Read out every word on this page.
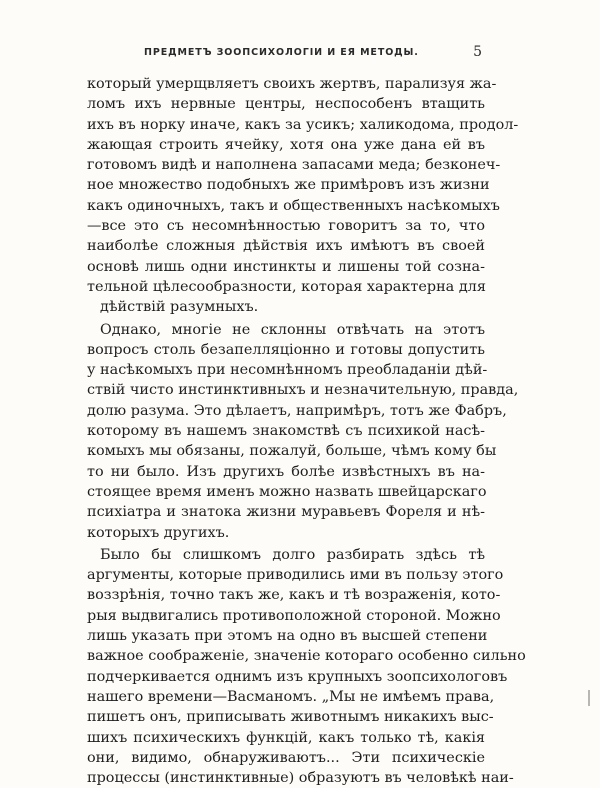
ПРЕДМЕТЪ ЗООПСИХОЛОГІИ И ЕЯ МЕТОДЫ.	5
который умерщвляетъ своихъ жертвъ, парализуя жа-
ломъ ихъ нервные центры, неспособенъ втащить
ихъ въ норку иначе, какъ за усикъ; халикодома, продол-
жающая строить ячейку, хотя она уже дана ей въ
готовомъ видѣ и наполнена запасами меда; безконеч-
ное множество подобныхъ же примѣровъ изъ жизни
какъ одиночныхъ, такъ и общественныхъ насѣкомыхъ
—все это съ несомнѣнностью говоритъ за то, что
наиболѣе сложныя дѣйствія ихъ имѣютъ въ своей
основѣ лишь одни инстинкты и лишены той сознa-
тельной цѣлесообразности, которая характерна для
дѣйствій разумныхъ.
Однако, многіе не склонны отвѣчать на этотъ
вопросъ столь безапелляціонно и готовы допустить
у насѣкомыхъ при несомнѣнномъ преобладаніи дѣй-
ствій чисто инстинктивныхъ и незначительную, правда,
долю разума. Это дѣлаетъ, напримѣръ, тотъ же Фабръ,
которому въ нашемъ знакомствѣ съ психикой насѣ-
комыхъ мы обязаны, пожалуй, больше, чѣмъ кому бы
то ни было. Изъ другихъ болѣе извѣстныхъ въ на-
стоящее время именъ можно назвать швейцарскаго
психіатра и знатока жизни муравьевъ Фореля и нѣ-
которыхъ другихъ.
Было бы слишкомъ долго разбирать здѣсь тѣ
аргументы, которые приводились ими въ пользу этого
воззрѣнія, точно такъ же, какъ и тѣ возраженія, кото-
рыя выдвигались противоположной стороной. Можно
лишь указать при этомъ на одно въ высшей степени
важное соображеніе, значеніе котораго особенно сильно
подчеркивается однимъ изъ крупныхъ зоопсихологовъ
нашего времени—Васманомъ. „Мы не имѣемъ права,
пишетъ онъ, приписывать животнымъ никакихъ выс-
шихъ психическихъ функцій, какъ только тѣ, какія
они, видимо, обнаруживаютъ... Эти психическіе
процессы (инстинктивные) образуютъ въ человѣкѣ наи-
